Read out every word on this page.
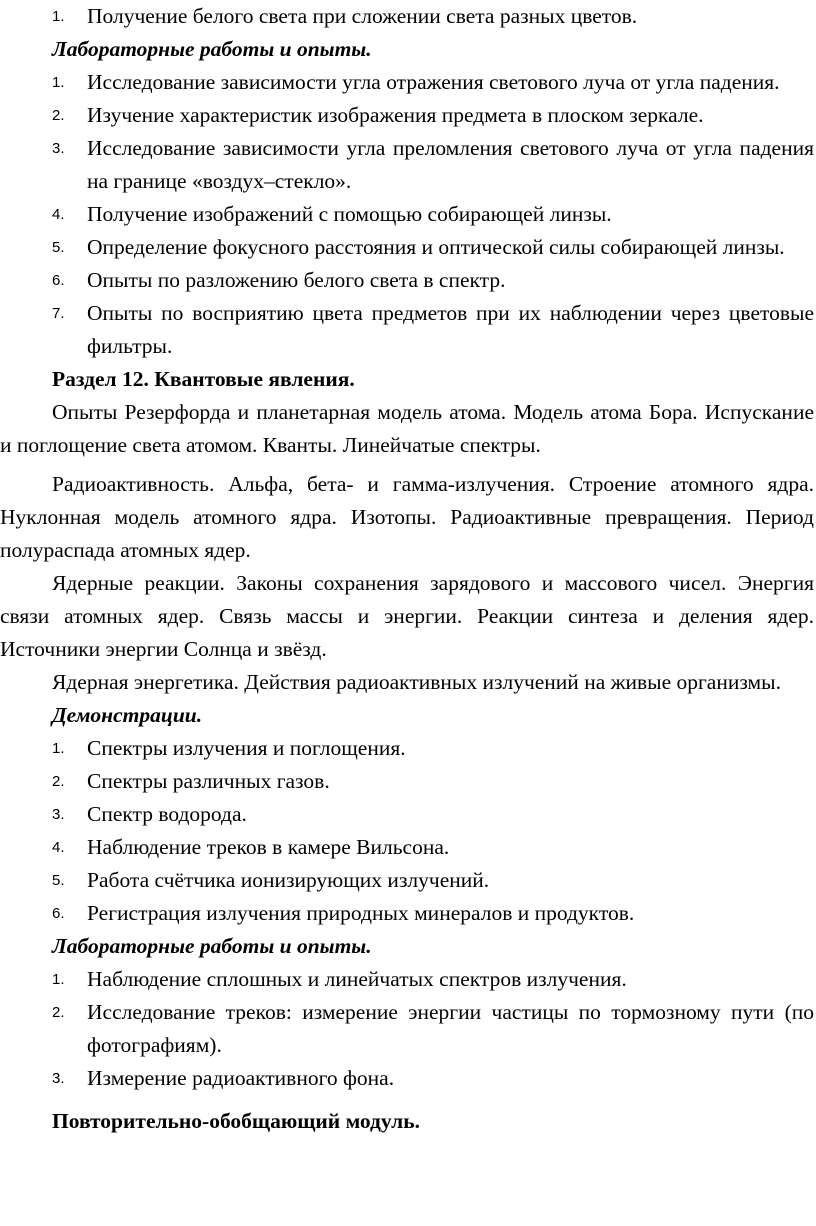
1. Получение белого света при сложении света разных цветов.
Лабораторные работы и опыты.
1. Исследование зависимости угла отражения светового луча от угла падения.
2. Изучение характеристик изображения предмета в плоском зеркале.
3. Исследование зависимости угла преломления светового луча от угла падения на границе «воздух–стекло».
4. Получение изображений с помощью собирающей линзы.
5. Определение фокусного расстояния и оптической силы собирающей линзы.
6. Опыты по разложению белого света в спектр.
7. Опыты по восприятию цвета предметов при их наблюдении через цветовые фильтры.
Раздел 12. Квантовые явления.

Опыты Резерфорда и планетарная модель атома. Модель атома Бора. Испускание и поглощение света атомом. Кванты. Линейчатые спектры.

Радиоактивность. Альфа, бета- и гамма-излучения. Строение атомного ядра. Нуклонная модель атомного ядра. Изотопы. Радиоактивные превращения. Период полураспада атомных ядер.

Ядерные реакции. Законы сохранения зарядового и массового чисел. Энергия связи атомных ядер. Связь массы и энергии. Реакции синтеза и деления ядер. Источники энергии Солнца и звёзд.

Ядерная энергетика. Действия радиоактивных излучений на живые организмы.

Демонстрации.
1. Спектры излучения и поглощения.
2. Спектры различных газов.
3. Спектр водорода.
4. Наблюдение треков в камере Вильсона.
5. Работа счётчика ионизирующих излучений.
6. Регистрация излучения природных минералов и продуктов.
Лабораторные работы и опыты.
1. Наблюдение сплошных и линейчатых спектров излучения.
2. Исследование треков: измерение энергии частицы по тормозному пути (по фотографиям).
3. Измерение радиоактивного фона.
Повторительно-обобщающий модуль.
